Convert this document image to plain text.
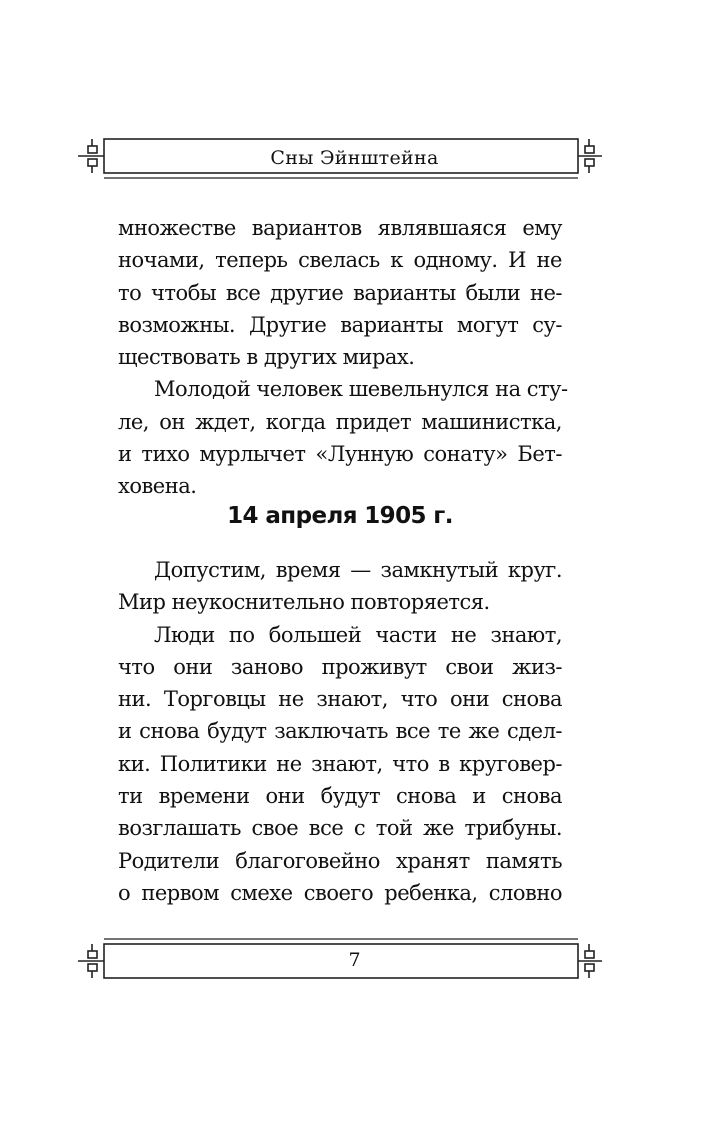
Сны Эйнштейна
множестве вариантов являвшаяся ему
ночами, теперь свелась к одному. И не
то чтобы все другие варианты были не-
возможны. Другие варианты могут су-
ществовать в других мирах.
Молодой человек шевельнулся на сту-
ле, он ждет, когда придет машинистка,
и тихо мурлычет «Лунную сонату» Бет-
ховена.
14 апреля 1905 г.
Допустим, время — замкнутый круг.
Мир неукоснительно повторяется.
Люди по большей части не знают,
что они заново проживут свои жиз-
ни. Торговцы не знают, что они снова
и снова будут заключать все те же сдел-
ки. Политики не знают, что в круговер-
ти времени они будут снова и снова
возглашать свое все с той же трибуны.
Родители благоговейно хранят память
о первом смехе своего ребенка, словно
7
